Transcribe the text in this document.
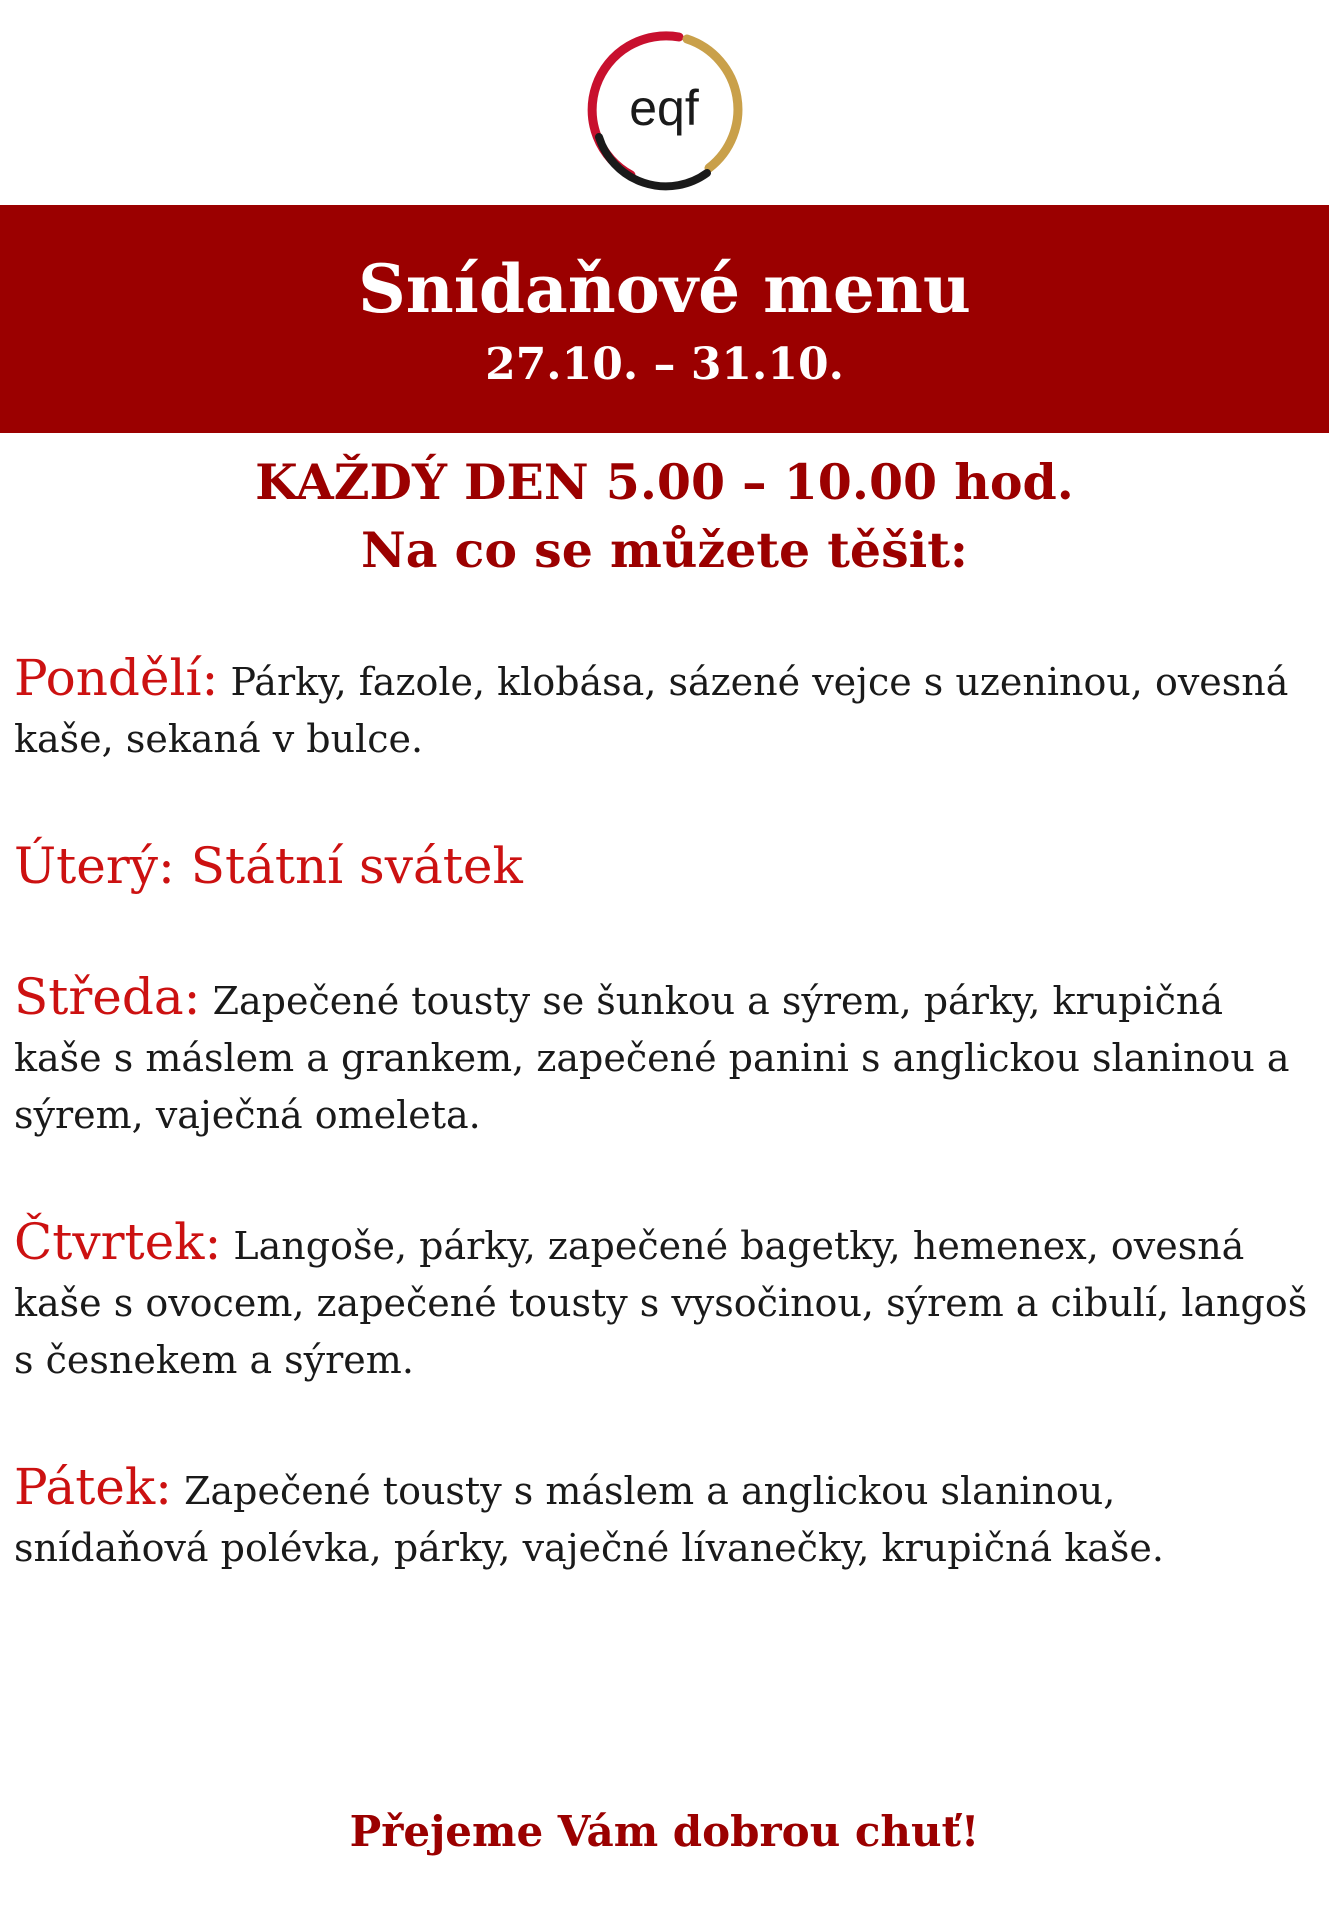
eqf
Snídaňové menu
27.10. – 31.10.
KAŽDÝ DEN 5.00 – 10.00 hod.
Na co se můžete těšit:
Pondělí: Párky, fazole, klobása, sázené vejce s uzeninou, ovesná kaše, sekaná v bulce.
Úterý: Státní svátek
Středa: Zapečené tousty se šunkou a sýrem, párky, krupičná kaše s máslem a grankem, zapečené panini s anglickou slaninou a sýrem, vaječná omeleta.
Čtvrtek: Langoše, párky, zapečené bagetky, hemenex, ovesná kaše s ovocem, zapečené tousty s vysočinou, sýrem a cibulí, langoš s česnekem a sýrem.
Pátek: Zapečené tousty s máslem a anglickou slaninou, snídaňová polévka, párky, vaječné lívanečky, krupičná kaše.
Přejeme Vám dobrou chuť!
